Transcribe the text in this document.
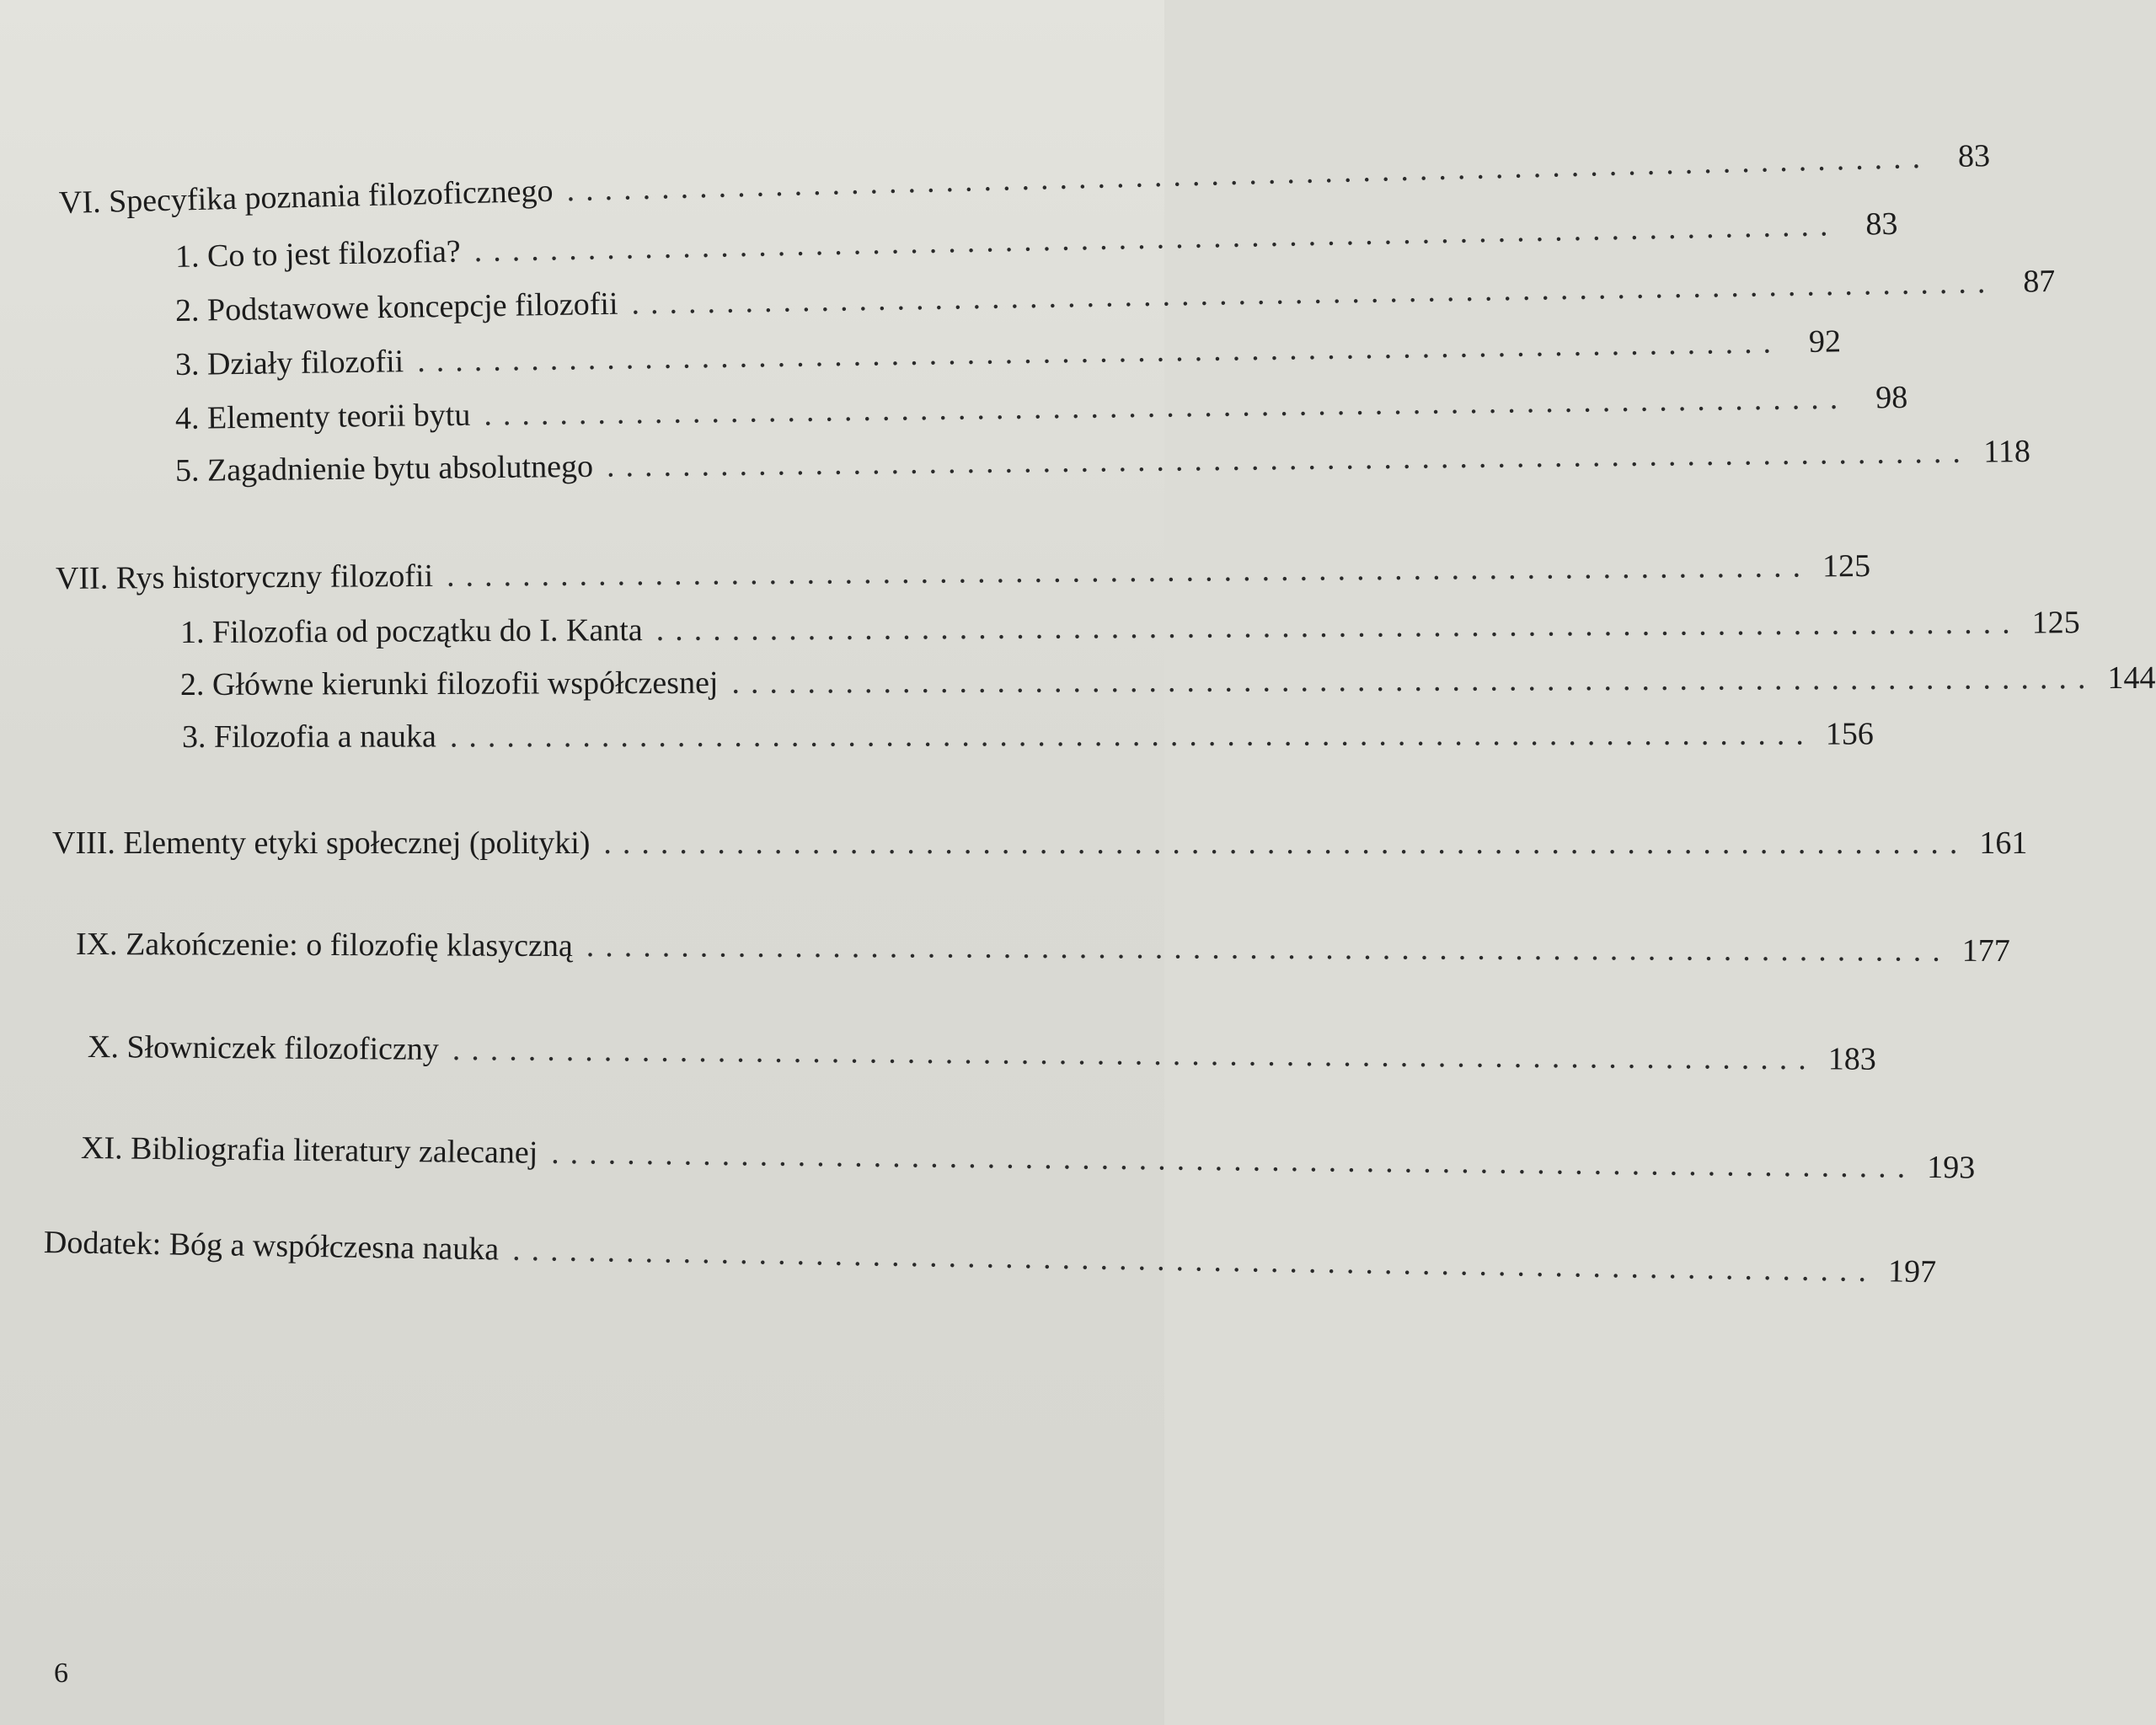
VI.
Specyfika poznania filozoficznego ........................................................................ 83
1.
Co to jest filozofia? ........................................................................ 83
2.
Podstawowe koncepcje filozofii ........................................................................ 87
3.
Działy filozofii ........................................................................ 92
4.
Elementy teorii bytu ........................................................................ 98
5.
Zagadnienie bytu absolutnego ........................................................................ 118
VII.
Rys historyczny filozofii ........................................................................ 125
1.
Filozofia od początku do I. Kanta ........................................................................ 125
2.
Główne kierunki filozofii współczesnej ........................................................................ 144
3.
Filozofia a nauka ........................................................................ 156
VIII.
Elementy etyki społecznej (polityki) ........................................................................ 161
IX.
Zakończenie: o filozofię klasyczną ........................................................................ 177
X.
Słowniczek filozoficzny ........................................................................ 183
XI.
Bibliografia literatury zalecanej ........................................................................ 193
Dodatek:
Bóg a współczesna nauka ........................................................................ 197
6
